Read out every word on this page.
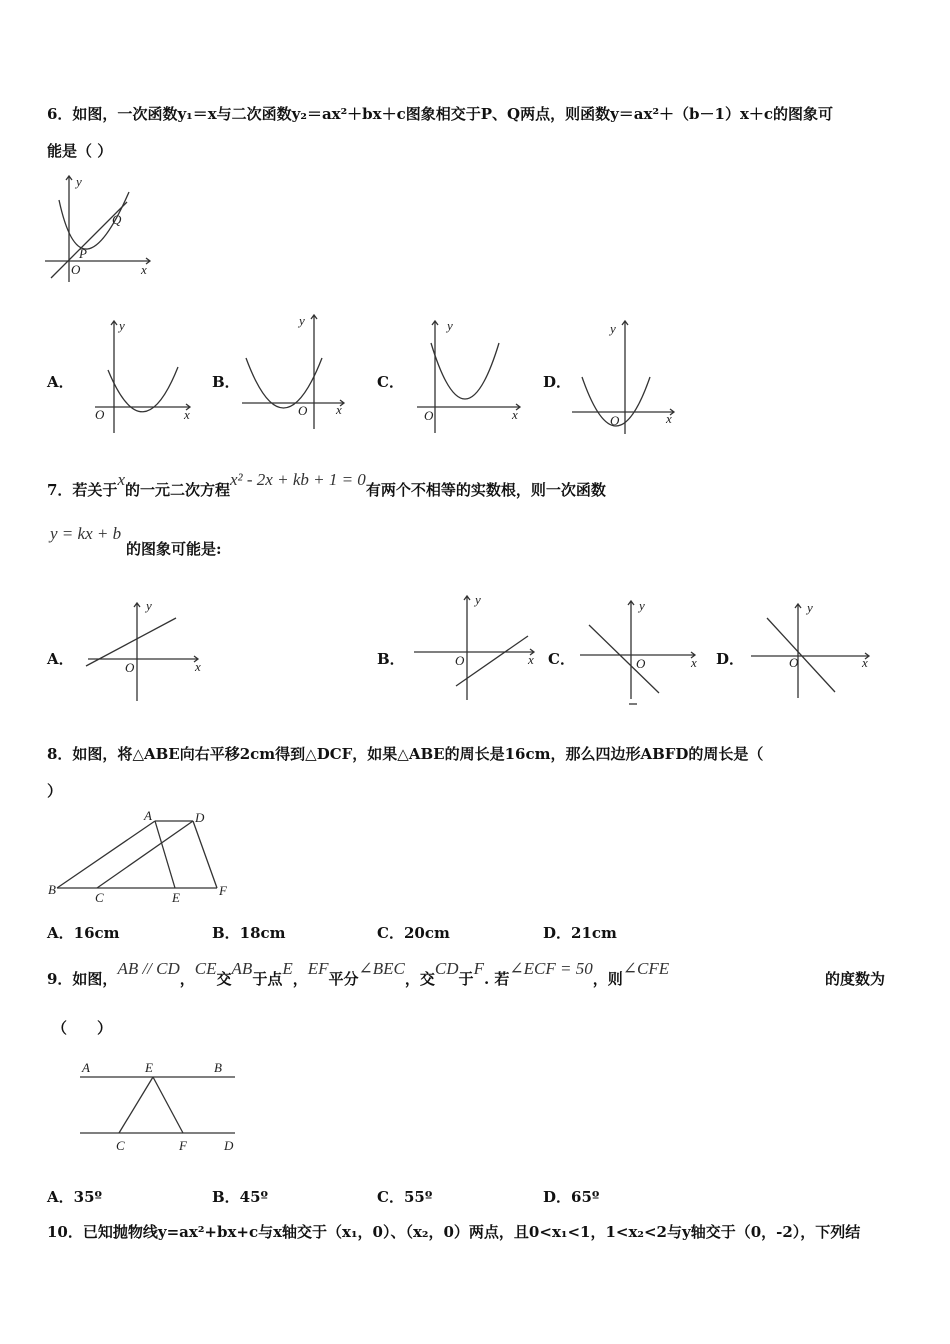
6．如图，一次函数y₁＝x与二次函数y₂＝ax²＋bx＋c图象相交于P、Q两点，则函数y＝ax²＋（b－1）x＋c的图象可
能是（ ）
y
x
O
P
Q
A．
y
x
O
B．
y
x
O
C．
y
x
O
D．
y
x
O
7．若关于x的一元二次方程x² - 2x + kb + 1 = 0有两个不相等的实数根，则一次函数
y = kx + b
的图象可能是:
A．
y
x
O	B．
y
x
O	C．
y
x
O	D．
y
x
O
8．如图，将△ABE向右平移2cm得到△DCF，如果△ABE的周长是16cm，那么四边形ABFD的周长是（
）
A	D
B
C	E	F
A．16cm	B．18cm	C．20cm	D．21cm
9．如图，AB // CD，CE交AB于点E，EF平分∠BEC，交CD于F. 若∠ECF = 50，则∠CFE
的度数为
（　　）
A	E	B
C	F	D
A．35º	B．45º	C．55º	D．65º
10．已知抛物线y=ax²+bx+c与x轴交于（x₁，0）、（x₂，0）两点，且0<x₁<1，1<x₂<2与y轴交于（0，-2），下列结
